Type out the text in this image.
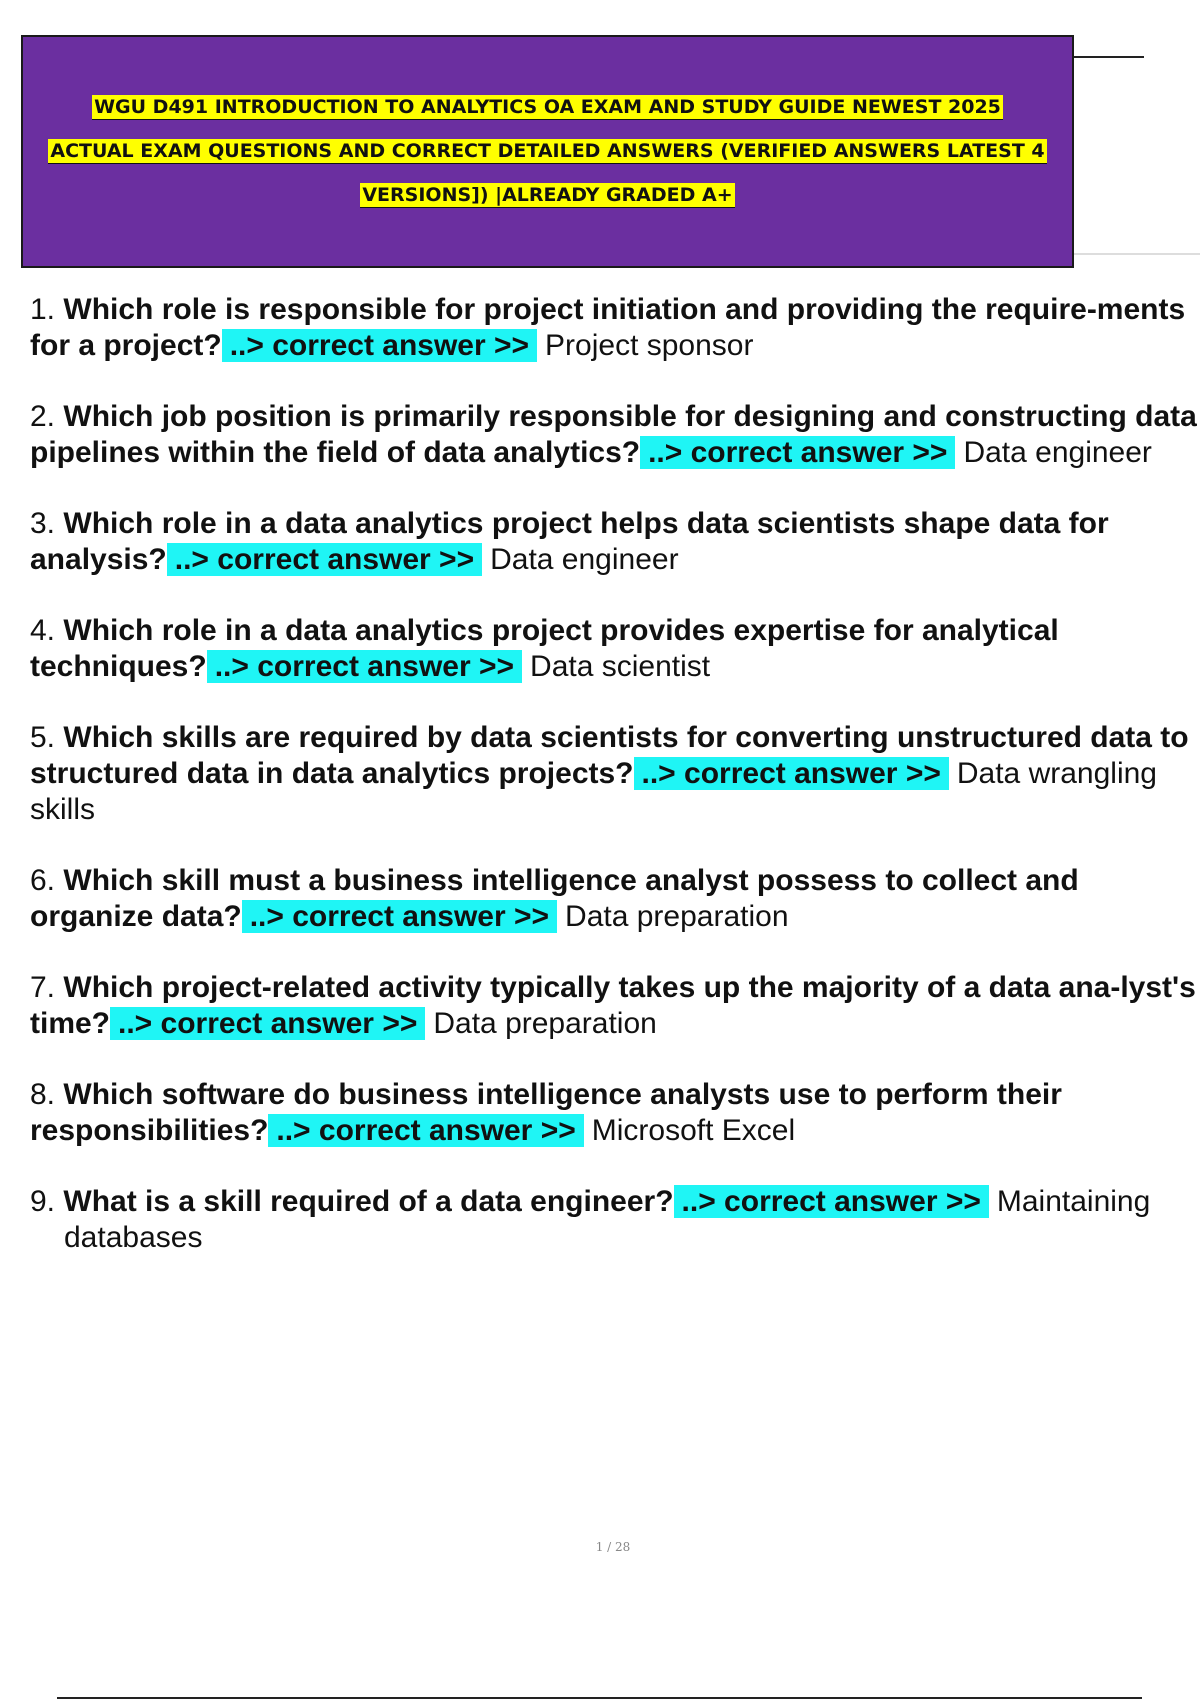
WGU D491 INTRODUCTION TO ANALYTICS OA EXAM AND STUDY GUIDE NEWEST 2025
ACTUAL EXAM QUESTIONS AND CORRECT DETAILED ANSWERS (VERIFIED ANSWERS LATEST 4
VERSIONS]) |ALREADY GRADED A+

1. Which role is responsible for project initiation and providing the require-ments for a project? ..> correct answer >> Project sponsor

2. Which job position is primarily responsible for designing and constructing data pipelines within the field of data analytics? ..> correct answer >> Data engineer

3. Which role in a data analytics project helps data scientists shape data for analysis? ..> correct answer >> Data engineer

4. Which role in a data analytics project provides expertise for analytical techniques? ..> correct answer >> Data scientist

5. Which skills are required by data scientists for converting unstructured data to structured data in data analytics projects? ..> correct answer >> Data wrangling skills

6. Which skill must a business intelligence analyst possess to collect and organize data? ..> correct answer >> Data preparation

7. Which project-related activity typically takes up the majority of a data ana-lyst's time? ..> correct answer >> Data preparation

8. Which software do business intelligence analysts use to perform their responsibilities? ..> correct answer >> Microsoft Excel

9. What is a skill required of a data engineer? ..> correct answer >> Maintaining databases

1 / 28
